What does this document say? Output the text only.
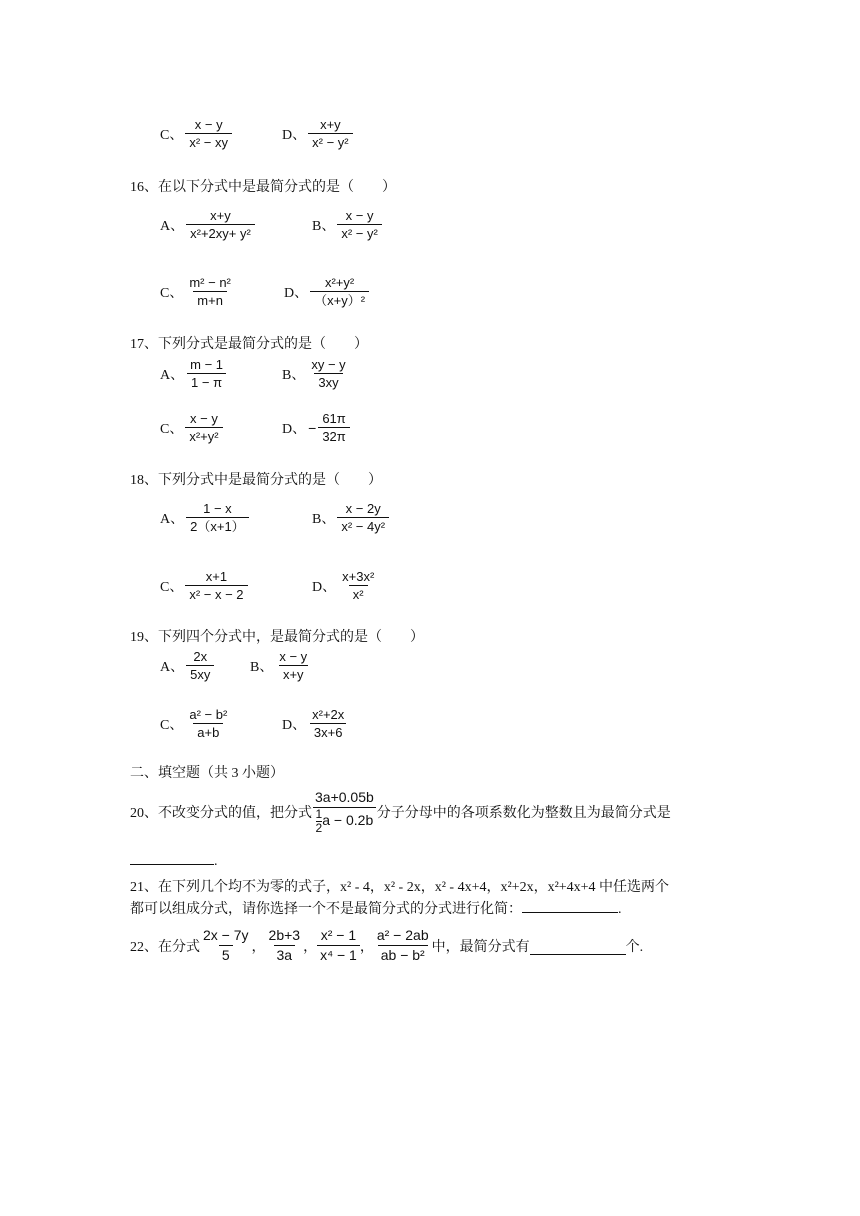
C、 $\frac{x - y}{\text{x² − xy}}$	D、 $\frac{x+y}{\text{x² − y²}}$
16、在以下分式中是最简分式的是（　　）
A、 $\frac{x+y}{\text{x²+2xy+ y²}}$	B、 $\frac{x - y}{\text{x² − y²}}$
C、 $\frac{\text{m² − n²}}{m+n}$	D、 $\frac{\text{x²+y²}}{\text{（x+y）²}}$
17、下列分式是最简分式的是（　　）
A、 $\frac{m - 1}{1 - \pi}$	B、 $\frac{xy - y}{3xy}$
C、 $\frac{x - y}{\text{x²+y²}}$	D、 − $\frac{61\pi}{32\pi}$
18、下列分式中是最简分式的是（　　）
A、 $\frac{1 - x}{2(x+1)}$	B、 $\frac{x - 2y}{\text{x² − 4y²}}$
C、 $\frac{x+1}{\text{x² − x − 2}}$	D、 $\frac{\text{x+3x²}}{\text{x²}}$
19、下列四个分式中，是最简分式的是（　　）
A、 $\frac{2x}{5xy}$	B、 $\frac{x - y}{x+y}$
C、 $\frac{\text{a² − b²}}{a+b}$	D、 $\frac{\text{x²+2x}}{3x+6}$
二、填空题（共 3 小题）
20、不改变分式的值，把分式 $\frac{3a+0.05b}{\frac{1}{2} a - 0.2b}$ 分子分母中的各项系数化为整数且为最简分式是
.
21、在下列几个均不为零的式子，x² - 4，x² - 2x，x² - 4x+4，x²+2x，x²+4x+4 中任选两个
都可以组成分式，请你选择一个不是最简分式的分式进行化简：	.
22、在分式 $\frac{2x - 7y}{5}$ ， $\frac{2b+3}{3a}$ ， $\frac{\text{x² − 1}}{\text{x⁴ − 1}}$ ， $\frac{\text{a² − 2ab}}{\text{ab − b²}}$ 中，最简分式有	个.
